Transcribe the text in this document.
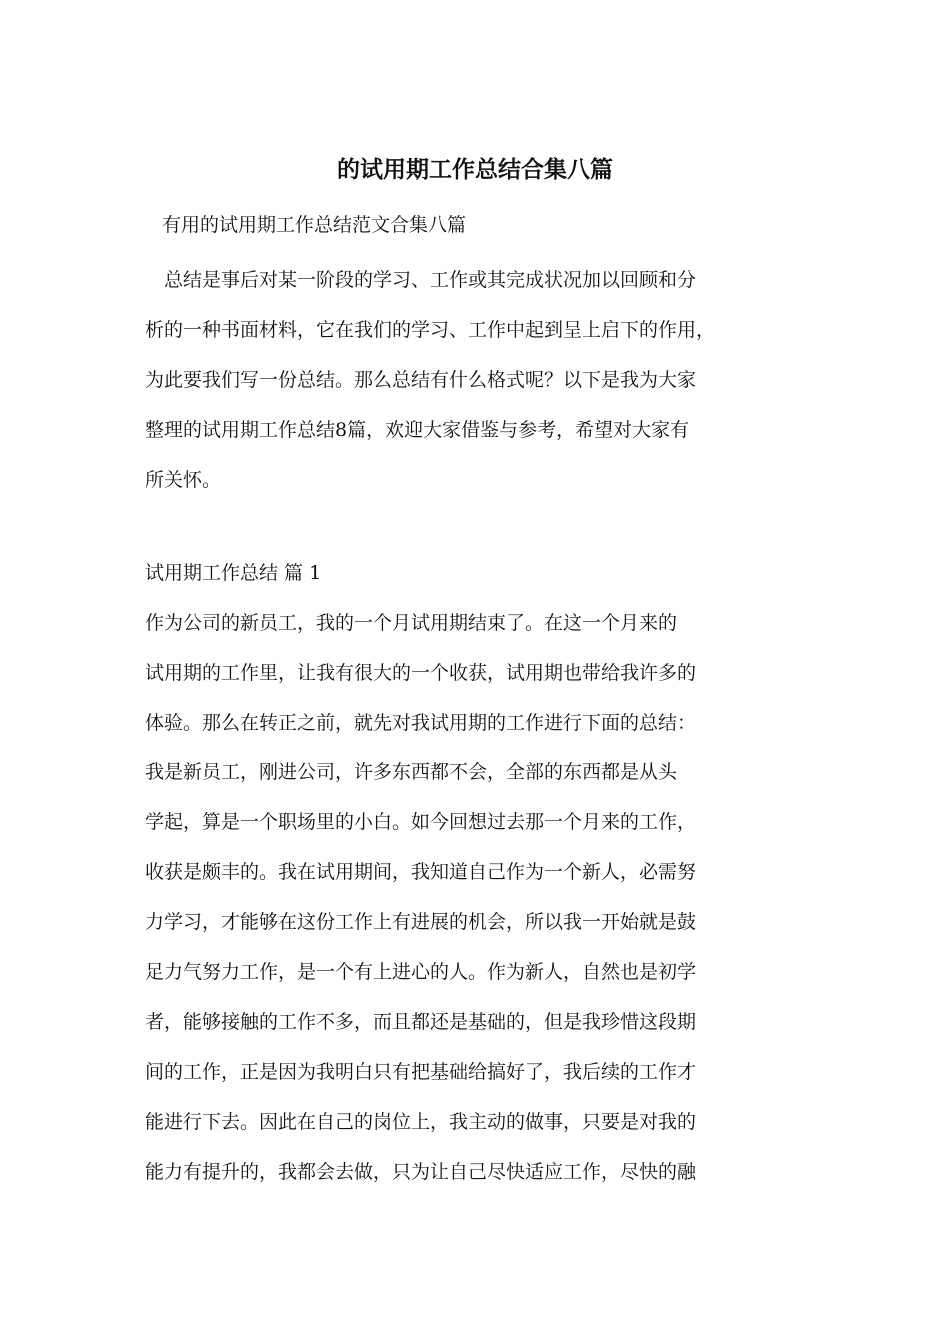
的试用期工作总结合集八篇

有用的试用期工作总结范文合集八篇

　总结是事后对某一阶段的学习、工作或其完成状况加以回顾和分
析的一种书面材料，它在我们的学习、工作中起到呈上启下的作用，
为此要我们写一份总结。那么总结有什么格式呢？以下是我为大家
整理的试用期工作总结8篇，欢迎大家借鉴与参考，希望对大家有
所关怀。

试用期工作总结 篇 1

作为公司的新员工，我的一个月试用期结束了。在这一个月来的
试用期的工作里，让我有很大的一个收获，试用期也带给我许多的
体验。那么在转正之前，就先对我试用期的工作进行下面的总结：
我是新员工，刚进公司，许多东西都不会，全部的东西都是从头
学起，算是一个职场里的小白。如今回想过去那一个月来的工作，
收获是颇丰的。我在试用期间，我知道自己作为一个新人，必需努
力学习，才能够在这份工作上有进展的机会，所以我一开始就是鼓
足力气努力工作，是一个有上进心的人。作为新人，自然也是初学
者，能够接触的工作不多，而且都还是基础的，但是我珍惜这段期
间的工作，正是因为我明白只有把基础给搞好了，我后续的工作才
能进行下去。因此在自己的岗位上，我主动的做事，只要是对我的
能力有提升的，我都会去做，只为让自己尽快适应工作，尽快的融
